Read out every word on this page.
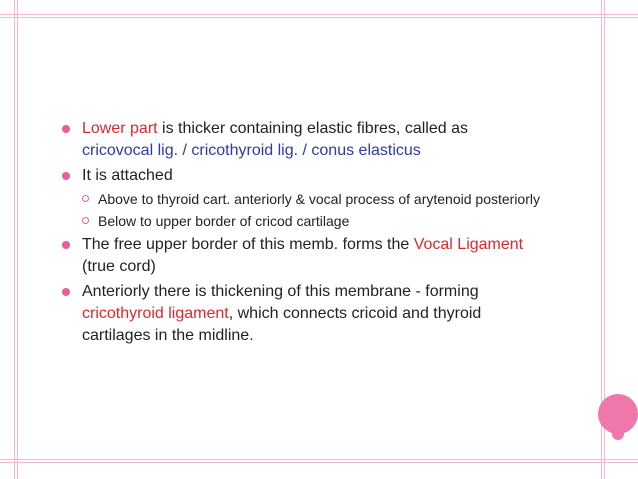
Lower part is thicker containing elastic fibres, called as cricovocal lig. / cricothyroid lig. / conus elasticus
It is attached
Above to thyroid cart. anteriorly & vocal process of arytenoid posteriorly
Below to upper border of cricod cartilage
The free upper border of this memb. forms the Vocal Ligament (true cord)
Anteriorly there is thickening of this membrane - forming cricothyroid ligament, which connects cricoid and thyroid cartilages in the midline.
